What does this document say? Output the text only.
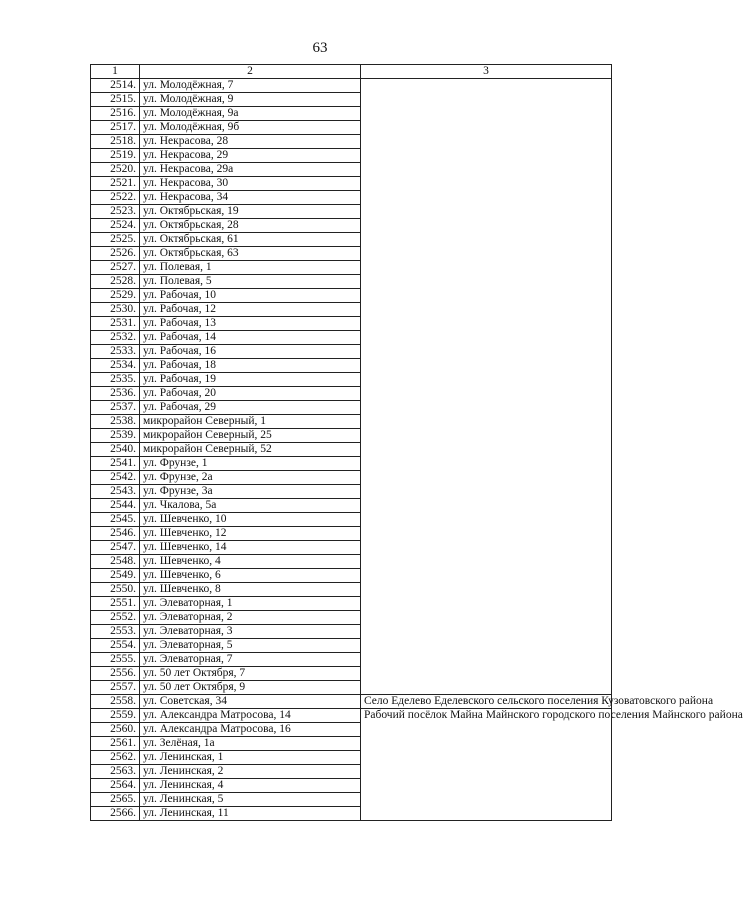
63
1	2	3
2514.	ул. Молодёжная, 7	
2515.	ул. Молодёжная, 9	
2516.	ул. Молодёжная, 9а	
2517.	ул. Молодёжная, 9б	
2518.	ул. Некрасова, 28	
2519.	ул. Некрасова, 29	
2520.	ул. Некрасова, 29а	
2521.	ул. Некрасова, 30	
2522.	ул. Некрасова, 34	
2523.	ул. Октябрьская, 19	
2524.	ул. Октябрьская, 28	
2525.	ул. Октябрьская, 61	
2526.	ул. Октябрьская, 63	
2527.	ул. Полевая, 1	
2528.	ул. Полевая, 5	
2529.	ул. Рабочая, 10	
2530.	ул. Рабочая, 12	
2531.	ул. Рабочая, 13	
2532.	ул. Рабочая, 14	
2533.	ул. Рабочая, 16	
2534.	ул. Рабочая, 18	
2535.	ул. Рабочая, 19	
2536.	ул. Рабочая, 20	
2537.	ул. Рабочая, 29	
2538.	микрорайон Северный, 1	
2539.	микрорайон Северный, 25	
2540.	микрорайон Северный, 52	
2541.	ул. Фрунзе, 1	
2542.	ул. Фрунзе, 2а	
2543.	ул. Фрунзе, 3а	
2544.	ул. Чкалова, 5а	
2545.	ул. Шевченко, 10	
2546.	ул. Шевченко, 12	
2547.	ул. Шевченко, 14	
2548.	ул. Шевченко, 4	
2549.	ул. Шевченко, 6	
2550.	ул. Шевченко, 8	
2551.	ул. Элеваторная, 1	
2552.	ул. Элеваторная, 2	
2553.	ул. Элеваторная, 3	
2554.	ул. Элеваторная, 5	
2555.	ул. Элеваторная, 7	
2556.	ул. 50 лет Октября, 7	
2557.	ул. 50 лет Октября, 9	
2558.	ул. Советская, 34	Село Еделево Еделевского сельского поселения Кузоватовского района
2559.	ул. Александра Матросова, 14	Рабочий посёлок Майна Майнского городского поселения Майнского района
2560.	ул. Александра Матросова, 16	
2561.	ул. Зелёная, 1а	
2562.	ул. Ленинская, 1	
2563.	ул. Ленинская, 2	
2564.	ул. Ленинская, 4	
2565.	ул. Ленинская, 5	
2566.	ул. Ленинская, 11	
